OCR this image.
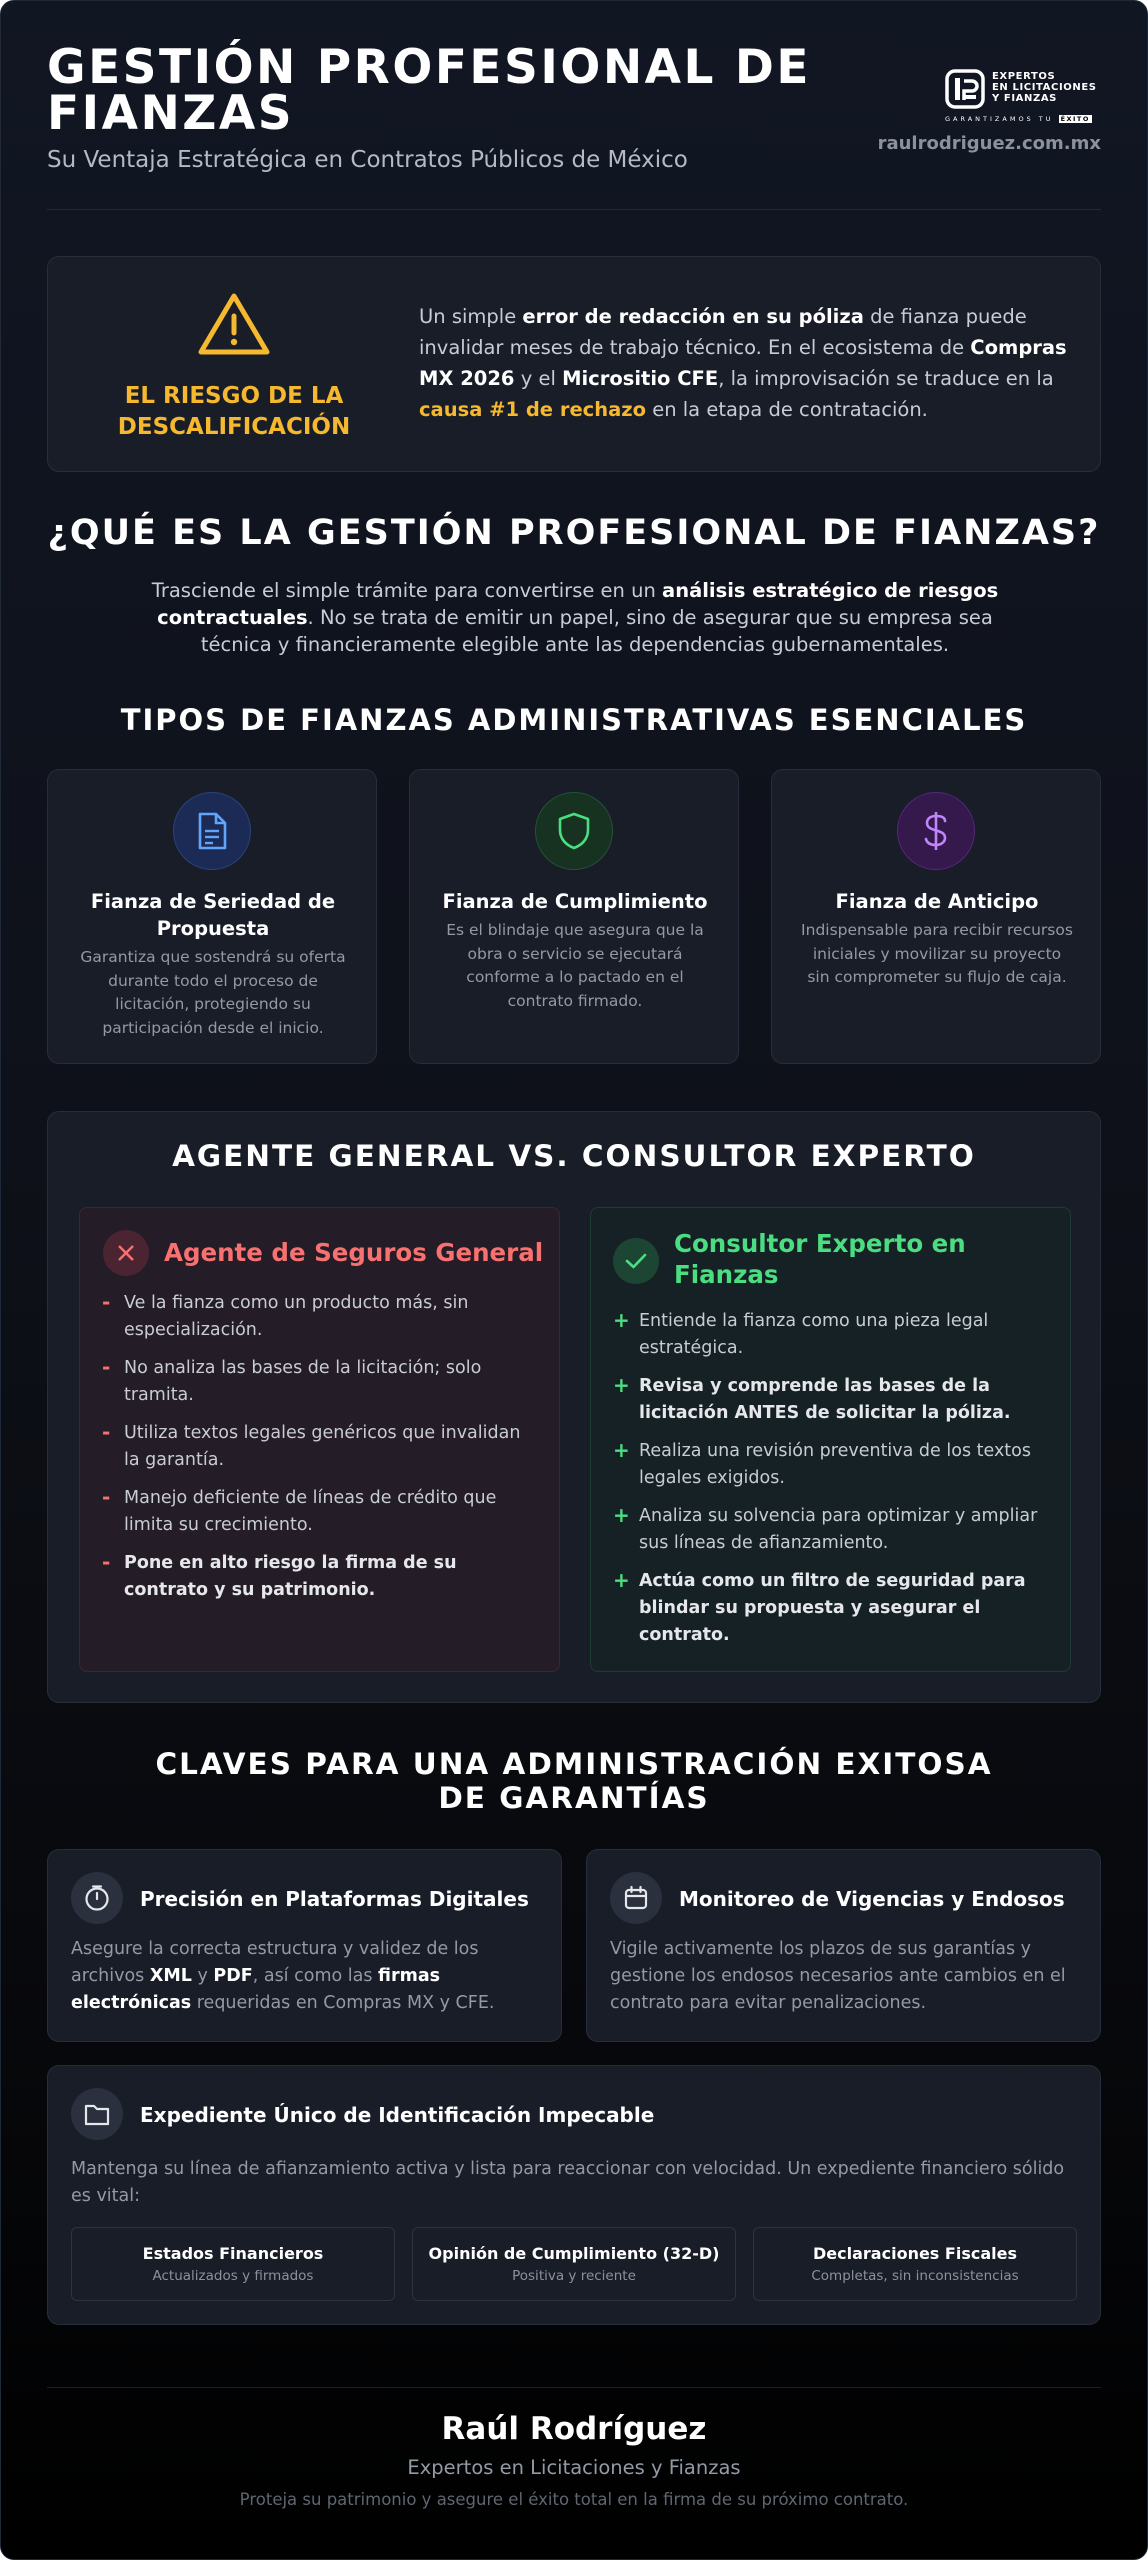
GESTIÓN PROFESIONAL DE FIANZAS
Su Ventaja Estratégica en Contratos Públicos de México
EXPERTOS
EN LICITACIONES
Y FIANZAS
GARANTIZAMOS TU ÉXITO
raulrodriguez.com.mx
EL RIESGO DE LA DESCALIFICACIÓN
Un simple error de redacción en su póliza de fianza puede invalidar meses de trabajo técnico. En el ecosistema de Compras MX 2026 y el Micrositio CFE, la improvisación se traduce en la causa #1 de rechazo en la etapa de contratación.
¿QUÉ ES LA GESTIÓN PROFESIONAL DE FIANZAS?
Trasciende el simple trámite para convertirse en un análisis estratégico de riesgos contractuales. No se trata de emitir un papel, sino de asegurar que su empresa sea técnica y financieramente elegible ante las dependencias gubernamentales.
TIPOS DE FIANZAS ADMINISTRATIVAS ESENCIALES
Fianza de Seriedad de Propuesta
Garantiza que sostendrá su oferta durante todo el proceso de licitación, protegiendo su participación desde el inicio.
Fianza de Cumplimiento
Es el blindaje que asegura que la obra o servicio se ejecutará conforme a lo pactado en el contrato firmado.
Fianza de Anticipo
Indispensable para recibir recursos iniciales y movilizar su proyecto sin comprometer su flujo de caja.
AGENTE GENERAL VS. CONSULTOR EXPERTO
Agente de Seguros General
- Ve la fianza como un producto más, sin especialización.
- No analiza las bases de la licitación; solo tramita.
- Utiliza textos legales genéricos que invalidan la garantía.
- Manejo deficiente de líneas de crédito que limita su crecimiento.
- Pone en alto riesgo la firma de su contrato y su patrimonio.
Consultor Experto en Fianzas
+ Entiende la fianza como una pieza legal estratégica.
+ Revisa y comprende las bases de la licitación ANTES de solicitar la póliza.
+ Realiza una revisión preventiva de los textos legales exigidos.
+ Analiza su solvencia para optimizar y ampliar sus líneas de afianzamiento.
+ Actúa como un filtro de seguridad para blindar su propuesta y asegurar el contrato.
CLAVES PARA UNA ADMINISTRACIÓN EXITOSA DE GARANTÍAS
Precisión en Plataformas Digitales
Asegure la correcta estructura y validez de los archivos XML y PDF, así como las firmas electrónicas requeridas en Compras MX y CFE.
Monitoreo de Vigencias y Endosos
Vigile activamente los plazos de sus garantías y gestione los endosos necesarios ante cambios en el contrato para evitar penalizaciones.
Expediente Único de Identificación Impecable
Mantenga su línea de afianzamiento activa y lista para reaccionar con velocidad. Un expediente financiero sólido es vital:
Estados Financieros
Actualizados y firmados
Opinión de Cumplimiento (32-D)
Positiva y reciente
Declaraciones Fiscales
Completas, sin inconsistencias
Raúl Rodríguez
Expertos en Licitaciones y Fianzas
Proteja su patrimonio y asegure el éxito total en la firma de su próximo contrato.
